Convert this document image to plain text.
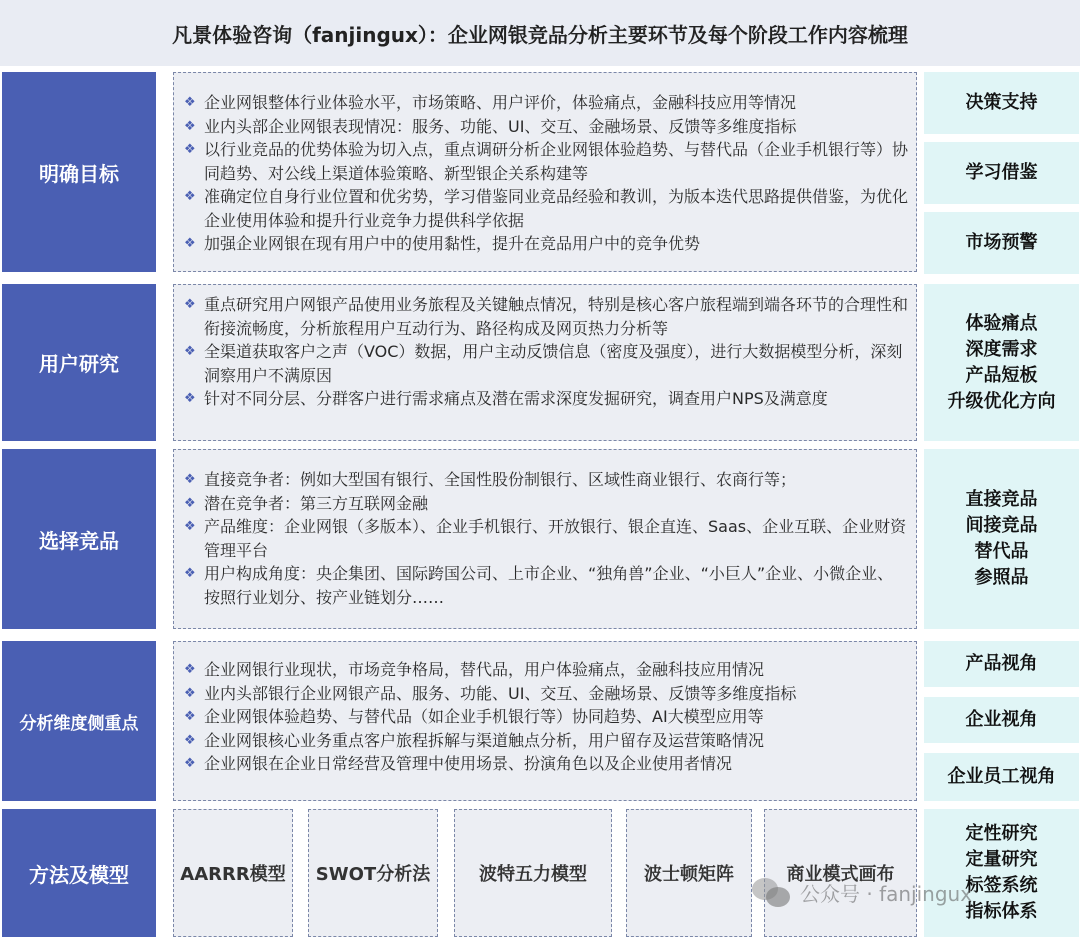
凡景体验咨询（fanjingux）：企业网银竞品分析主要环节及每个阶段工作内容梳理
明确目标
❖ 企业网银整体行业体验水平，市场策略、用户评价，体验痛点，金融科技应用等情况
❖ 业内头部企业网银表现情况：服务、功能、UI、交互、金融场景、反馈等多维度指标
❖ 以行业竞品的优势体验为切入点，重点调研分析企业网银体验趋势、与替代品（企业手机银行等）协同趋势、对公线上渠道体验策略、新型银企关系构建等
❖ 准确定位自身行业位置和优劣势，学习借鉴同业竞品经验和教训，为版本迭代思路提供借鉴，为优化企业使用体验和提升行业竞争力提供科学依据
❖ 加强企业网银在现有用户中的使用黏性，提升在竞品用户中的竞争优势
决策支持
学习借鉴
市场预警
用户研究
❖ 重点研究用户网银产品使用业务旅程及关键触点情况，特别是核心客户旅程端到端各环节的合理性和衔接流畅度，分析旅程用户互动行为、路径构成及网页热力分析等
❖ 全渠道获取客户之声（VOC）数据，用户主动反馈信息（密度及强度），进行大数据模型分析，深刻洞察用户不满原因
❖ 针对不同分层、分群客户进行需求痛点及潜在需求深度发掘研究，调查用户NPS及满意度
体验痛点
深度需求
产品短板
升级优化方向
选择竞品
❖ 直接竞争者：例如大型国有银行、全国性股份制银行、区域性商业银行、农商行等；
❖ 潜在竞争者：第三方互联网金融
❖ 产品维度：企业网银（多版本）、企业手机银行、开放银行、银企直连、Saas、企业互联、企业财资管理平台
❖ 用户构成角度：央企集团、国际跨国公司、上市企业、“独角兽”企业、“小巨人”企业、小微企业、按照行业划分、按产业链划分……
直接竞品
间接竞品
替代品
参照品
分析维度侧重点
❖ 企业网银行业现状，市场竞争格局，替代品，用户体验痛点，金融科技应用情况
❖ 业内头部银行企业网银产品、服务、功能、UI、交互、金融场景、反馈等多维度指标
❖ 企业网银体验趋势、与替代品（如企业手机银行等）协同趋势、AI大模型应用等
❖ 企业网银核心业务重点客户旅程拆解与渠道触点分析，用户留存及运营策略情况
❖ 企业网银在企业日常经营及管理中使用场景、扮演角色以及企业使用者情况
产品视角
企业视角
企业员工视角
方法及模型	AARRR模型	SWOT分析法	波特五力模型	波士顿矩阵	商业模式画布
定性研究
定量研究
标签系统
指标体系
公众号 · fanjingux
